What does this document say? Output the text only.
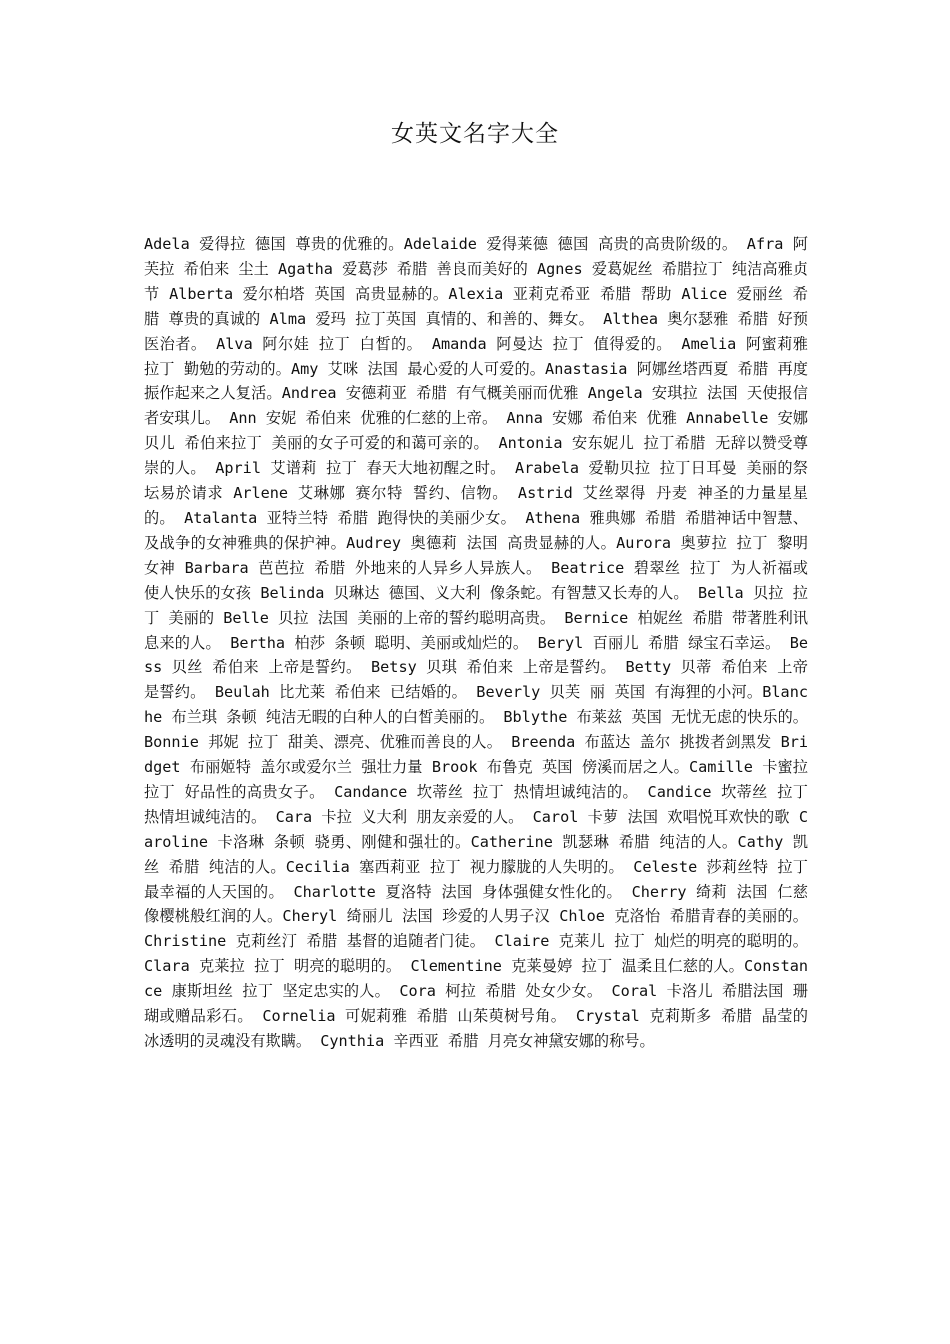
女英文名字大全
Adela 爱得拉 德国 尊贵的优雅的。Adelaide 爱得莱德 德国 高贵的高贵阶级的。 Afra 阿芙拉 希伯来 尘土 Agatha 爱葛莎 希腊 善良而美好的 Agnes 爱葛妮丝 希腊拉丁 纯洁高雅贞节 Alberta 爱尔柏塔 英国 高贵显赫的。Alexia 亚莉克希亚 希腊 帮助 Alice 爱丽丝 希腊 尊贵的真诚的 Alma 爱玛 拉丁英国 真情的、和善的、舞女。 Althea 奥尔瑟雅 希腊 好预医治者。 Alva 阿尔娃 拉丁 白皙的。 Amanda 阿曼达 拉丁 值得爱的。 Amelia 阿蜜莉雅 拉丁 勤勉的劳动的。Amy 艾咪 法国 最心爱的人可爱的。Anastasia 阿娜丝塔西夏 希腊 再度振作起来之人复活。Andrea 安德莉亚 希腊 有气概美丽而优雅 Angela 安琪拉 法国 天使报信者安琪儿。 Ann 安妮 希伯来 优雅的仁慈的上帝。 Anna 安娜 希伯来 优雅 Annabelle 安娜贝儿 希伯来拉丁 美丽的女子可爱的和蔼可亲的。 Antonia 安东妮儿 拉丁希腊 无辞以赞受尊崇的人。 April 艾谱莉 拉丁 春天大地初醒之时。 Arabela 爱勒贝拉 拉丁日耳曼 美丽的祭坛易於请求 Arlene 艾琳娜 赛尔特 誓约、信物。 Astrid 艾丝翠得 丹麦 神圣的力量星星的。 Atalanta 亚特兰特 希腊 跑得快的美丽少女。 Athena 雅典娜 希腊 希腊神话中智慧、及战争的女神雅典的保护神。Audrey 奥德莉 法国 高贵显赫的人。Aurora 奥萝拉 拉丁 黎明女神 Barbara 芭芭拉 希腊 外地来的人异乡人异族人。 Beatrice 碧翠丝 拉丁 为人祈福或使人快乐的女孩 Belinda 贝琳达 德国、义大利 像条蛇。有智慧又长寿的人。 Bella 贝拉 拉丁 美丽的 Belle 贝拉 法国 美丽的上帝的誓约聪明高贵。 Bernice 柏妮丝 希腊 带著胜利讯息来的人。 Bertha 柏莎 条顿 聪明、美丽或灿烂的。 Beryl 百丽儿 希腊 绿宝石幸运。 Bess 贝丝 希伯来 上帝是誓约。 Betsy 贝琪 希伯来 上帝是誓约。 Betty 贝蒂 希伯来 上帝是誓约。 Beulah 比尤莱 希伯来 已结婚的。 Beverly 贝芙 丽 英国 有海狸的小河。Blanche 布兰琪 条顿 纯洁无暇的白种人的白皙美丽的。 Bblythe 布莱兹 英国 无忧无虑的快乐的。 Bonnie 邦妮 拉丁 甜美、漂亮、优雅而善良的人。 Breenda 布蓝达 盖尔 挑拨者剑黑发 Bridget 布丽姬特 盖尔或爱尔兰 强壮力量 Brook 布鲁克 英国 傍溪而居之人。Camille 卡蜜拉 拉丁 好品性的高贵女子。 Candance 坎蒂丝 拉丁 热情坦诚纯洁的。 Candice 坎蒂丝 拉丁 热情坦诚纯洁的。 Cara 卡拉 义大利 朋友亲爱的人。 Carol 卡萝 法国 欢唱悦耳欢快的歌 Caroline 卡洛琳 条顿 骁勇、刚健和强壮的。Catherine 凯瑟琳 希腊 纯洁的人。Cathy 凯丝 希腊 纯洁的人。Cecilia 塞西莉亚 拉丁 视力朦胧的人失明的。 Celeste 莎莉丝特 拉丁 最幸福的人天国的。 Charlotte 夏洛特 法国 身体强健女性化的。 Cherry 绮莉 法国 仁慈像樱桃般红润的人。Cheryl 绮丽儿 法国 珍爱的人男子汉 Chloe 克洛怡 希腊青春的美丽的。 Christine 克莉丝汀 希腊 基督的追随者门徒。 Claire 克莱儿 拉丁 灿烂的明亮的聪明的。 Clara 克莱拉 拉丁 明亮的聪明的。 Clementine 克莱曼婷 拉丁 温柔且仁慈的人。Constance 康斯坦丝 拉丁 坚定忠实的人。 Cora 柯拉 希腊 处女少女。 Coral 卡洛儿 希腊法国 珊瑚或赠品彩石。 Cornelia 可妮莉雅 希腊 山茱萸树号角。 Crystal 克莉斯多 希腊 晶莹的冰透明的灵魂没有欺瞒。 Cynthia 辛西亚 希腊 月亮女神黛安娜的称号。
